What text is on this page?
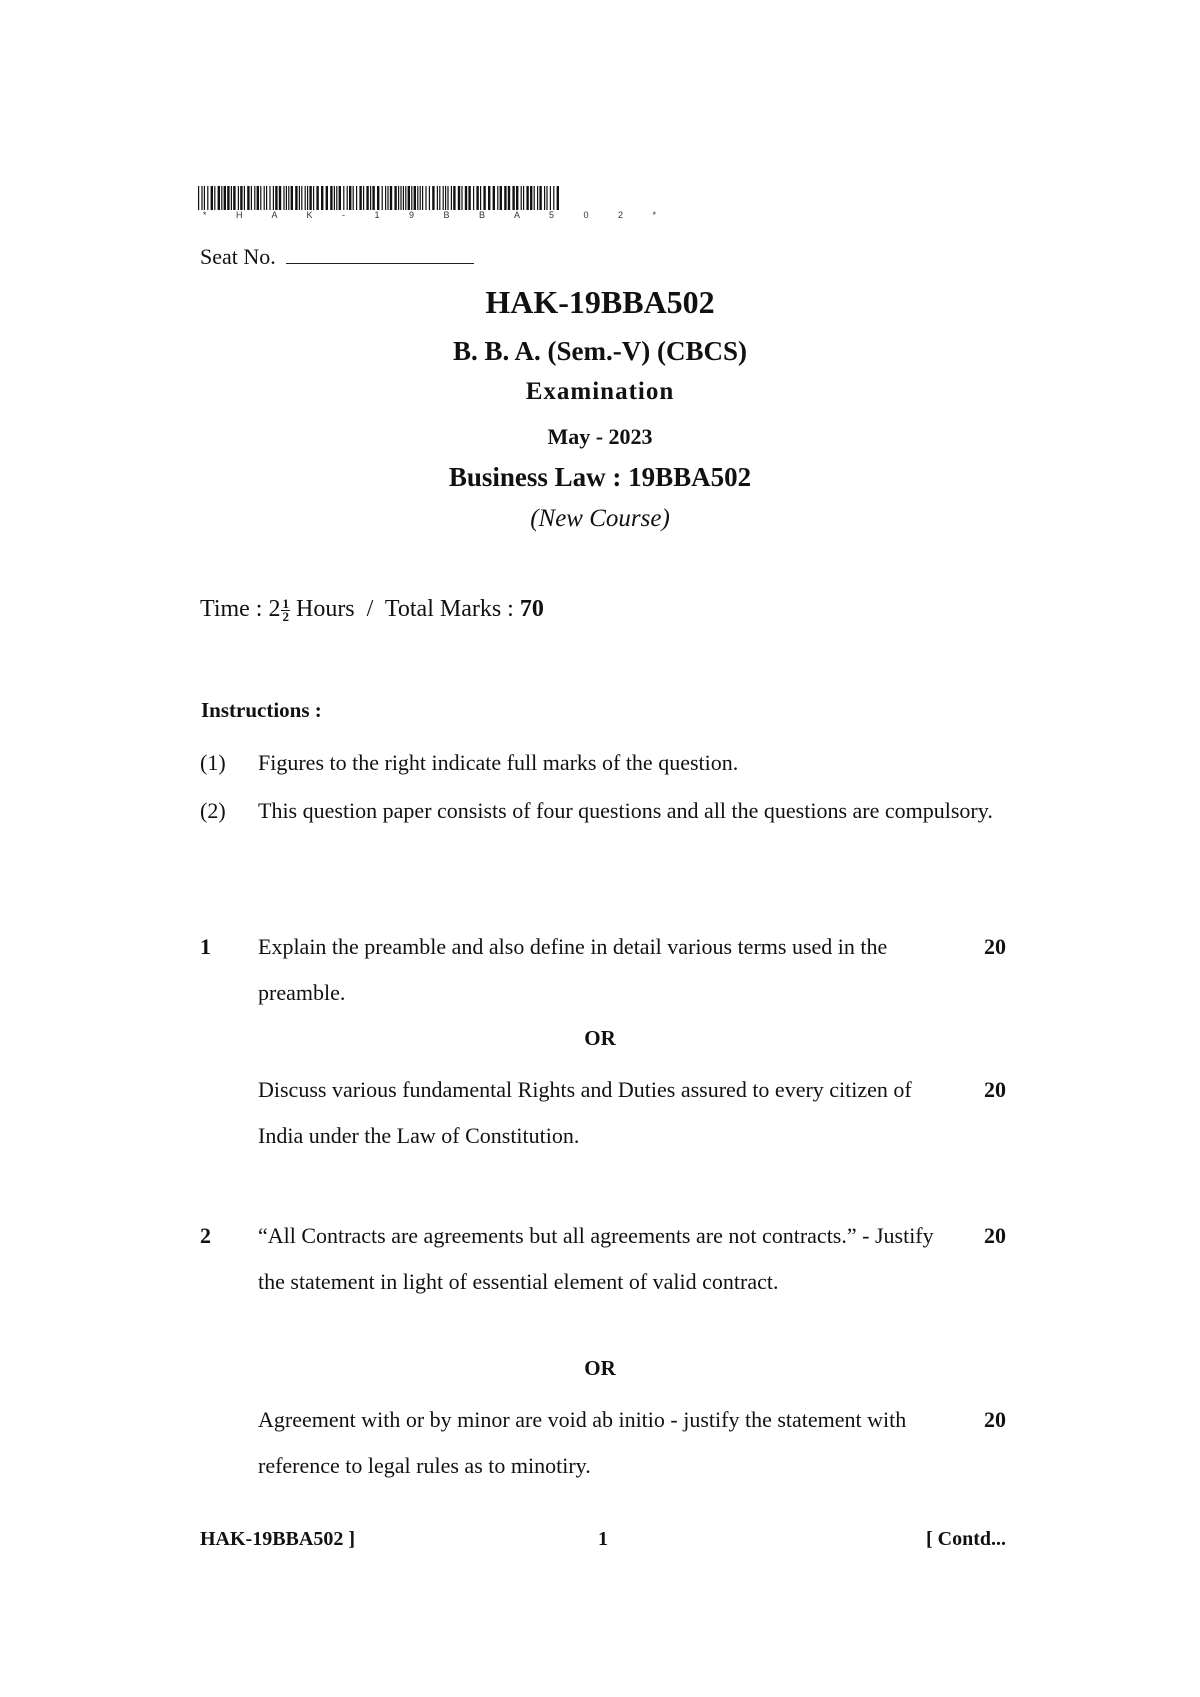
* H A K - 1 9 B B A 5 0 2 *
Seat No.
HAK-19BBA502
B. B. A. (Sem.-V) (CBCS)
Examination
May - 2023
Business Law : 19BBA502
(New Course)
Time : $2 \frac{1}{2}$ Hours  /  Total Marks : 70
Instructions :
(1)	Figures to the right indicate full marks of the question.
(2)	This question paper consists of four questions and all the questions are compulsory.
1 Explain the preamble and also define in detail various terms used in the preamble.
20
OR
Discuss various fundamental Rights and Duties assured to every citizen of India under the Law of Constitution.
20
2 “All Contracts are agreements but all agreements are not contracts.” - Justify the statement in light of essential element of valid contract.
20
OR
Agreement with or by minor are void ab initio - justify the statement with reference to legal rules as to minotiry.
20
HAK-19BBA502 ]	1	[ Contd...
